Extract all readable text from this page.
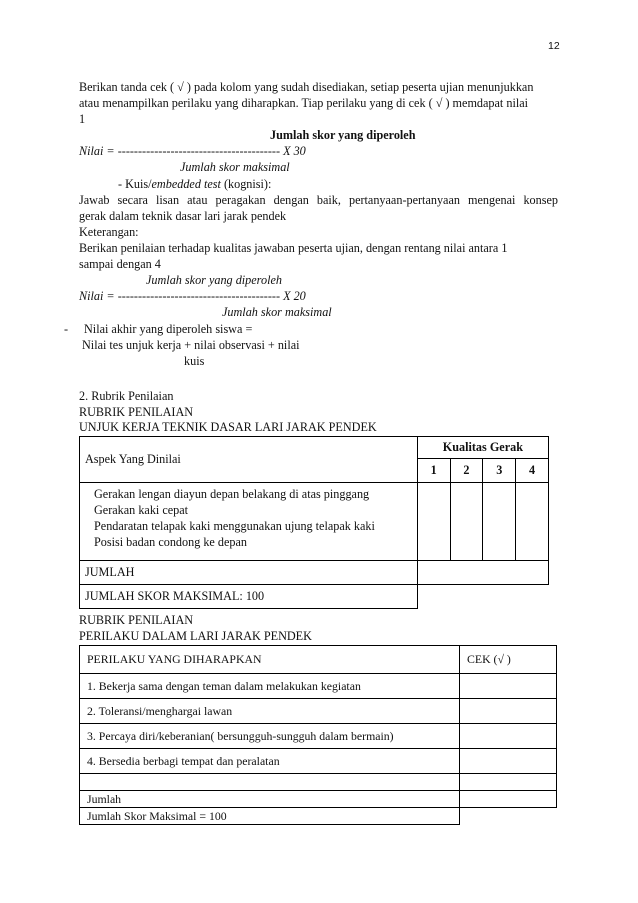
12
Berikan tanda cek ( √ ) pada kolom yang sudah disediakan, setiap peserta ujian menunjukkan
atau menampilkan perilaku yang diharapkan. Tiap perilaku yang di cek ( √ ) memdapat nilai
1
Jumlah skor yang diperoleh
Nilai = ---------------------------------------- X 30
Jumlah skor maksimal
- Kuis/embedded test (kognisi):
Jawab secara lisan atau peragakan dengan baik, pertanyaan-pertanyaan mengenai konsep
gerak dalam teknik dasar lari jarak pendek
Keterangan:
Berikan penilaian terhadap kualitas jawaban peserta ujian, dengan rentang nilai antara 1
sampai dengan 4
Jumlah skor yang diperoleh
Nilai = ---------------------------------------- X 20
Jumlah skor maksimal
- Nilai akhir yang diperoleh siswa =
Nilai tes unjuk kerja + nilai observasi + nilai
kuis
2. Rubrik Penilaian
RUBRIK PENILAIAN
UNJUK KERJA TEKNIK DASAR LARI JARAK PENDEK
Aspek Yang Dinilai	Kualitas Gerak			
	1	2	3	4

Gerakan lengan diayun depan belakang di atas pinggang
Gerakan kaki cepat
Pendaratan telapak kaki menggunakan ujung telapak kaki
Posisi badan condong ke depan				

JUMLAH				
JUMLAH SKOR MAKSIMAL: 100				
RUBRIK PENILAIAN
PERILAKU DALAM LARI JARAK PENDEK
PERILAKU YANG DIHARAPKAN	CEK (√ )
1. Bekerja sama dengan teman dalam melakukan kegiatan	
2. Toleransi/menghargai lawan	
3. Percaya diri/keberanian( bersungguh-sungguh dalam bermain)	
4. Bersedia berbagi tempat dan peralatan	

Jumlah	
Jumlah Skor Maksimal = 100	
